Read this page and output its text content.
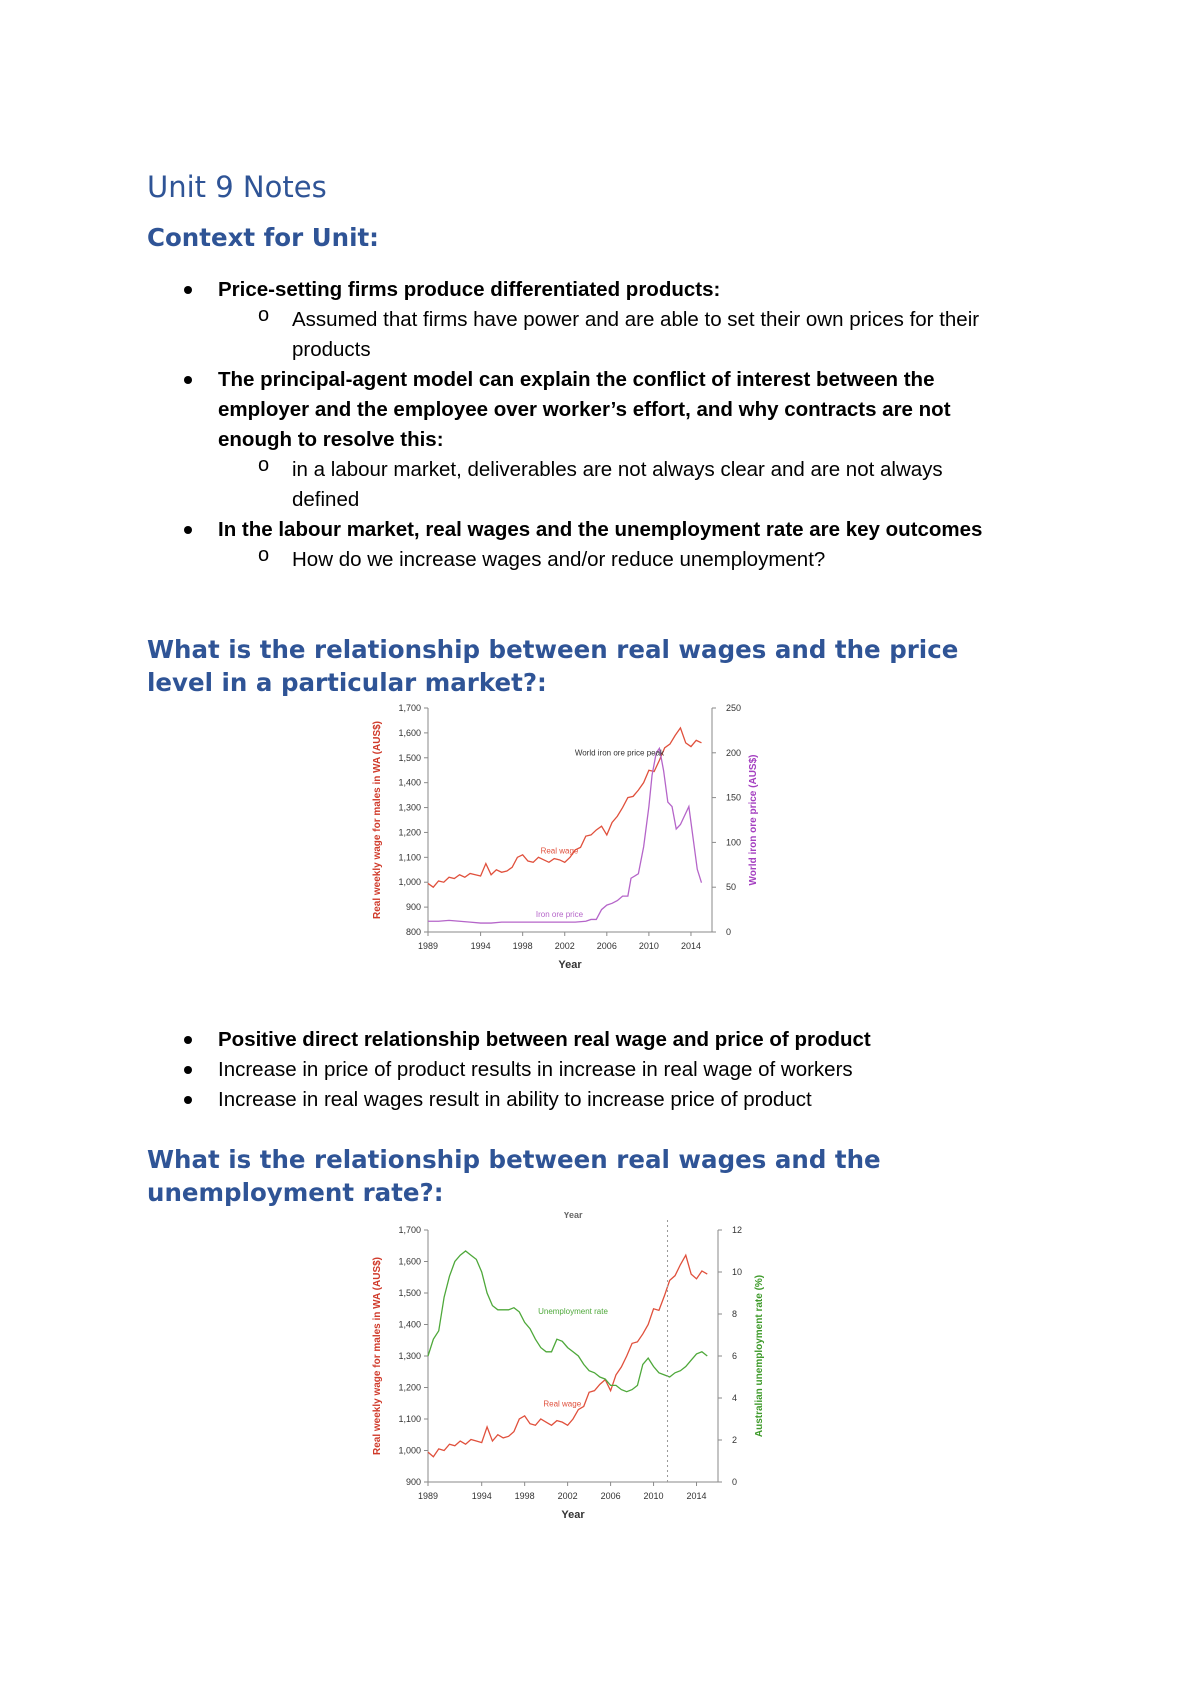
Unit 9 Notes
Context for Unit:
Price-setting firms produce differentiated products:
o Assumed that firms have power and are able to set their own prices for their
products
The principal-agent model can explain the conflict of interest between the
employer and the employee over worker’s effort, and why contracts are not
enough to resolve this:
o in a labour market, deliverables are not always clear and are not always
defined
In the labour market, real wages and the unemployment rate are key outcomes
o How do we increase wages and/or reduce unemployment?
What is the relationship between real wages and the price
level in a particular market?:
800
900
1,000
1,100
1,200
1,300
1,400
1,500
1,600
1,700
0
50
100
150
200
250
1989	1994 1998 2002 2006 2010 2014
Year
Real weekly wage for males in WA (AUS$)	World iron ore price (AUS$)
World iron ore price peak
Real wage
Iron ore price
Positive direct relationship between real wage and price of product
Increase in price of product results in increase in real wage of workers
Increase in real wages result in ability to increase price of product
What is the relationship between real wages and the
unemployment rate?:
900
1,000
1,100
1,200
1,300
1,400
1,500
1,600
1,700
0
2
4
6
8
10
12
1989	1994	1998	2002	2006	2010	2014
Year
Real weekly wage for males in WA (AUS$)	Australian unemployment rate (%)
Year
Unemployment rate
Real wage
